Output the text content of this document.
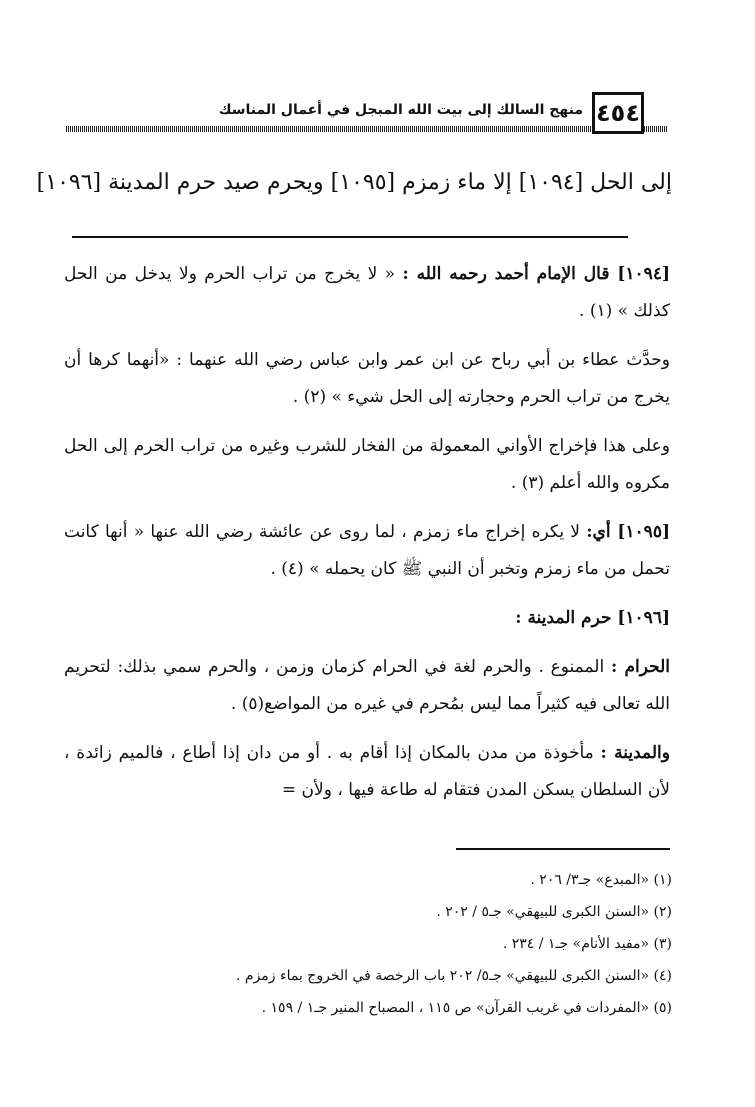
٤٥٤
منهج السالك إلى بيت الله المبجل في أعمال المناسك
إلى الحل [١٠٩٤] إلا ماء زمزم [١٠٩٥] ويحرم صيد حرم المدينة [١٠٩٦]

[١٠٩٤] قال الإمام أحمد رحمه الله : « لا يخرج من تراب الحرم ولا يدخل من الحل كذلك » (١) .

وحدَّث عطاء بن أبي رباح عن ابن عمر وابن عباس رضي الله عنهما : «أنهما كرها أن يخرج من تراب الحرم وحجارته إلى الحل شيء » (٢) .

وعلى هذا فإخراج الأواني المعمولة من الفخار للشرب وغيره من تراب الحرم إلى الحل مكروه والله أعلم (٣) .

[١٠٩٥] أي: لا يكره إخراج ماء زمزم ، لما روى عن عائشة رضي الله عنها « أنها كانت تحمل من ماء زمزم وتخبر أن النبي ﷺ كان يحمله » (٤) .

[١٠٩٦] حرم المدينة :

الحرام : الممنوع . والحرم لغة في الحرام كزمان وزمن ، والحرم سمي بذلك: لتحريم الله تعالى فيه كثيراً مما ليس بمُحرم في غيره من المواضع(٥) .

والمدينة : مأخوذة من مدن بالمكان إذا أقام به . أو من دان إذا أطاع ، فالميم زائدة ، لأن السلطان يسكن المدن فتقام له طاعة فيها ، ولأن =

(١) «المبدع» جـ٣/ ٢٠٦ .
(٢) «السنن الكبرى للبيهقي» جـ٥ / ٢٠٢ .
(٣) «مفيد الأنام» جـ١ / ٢٣٤ .
(٤) «السنن الكبرى للبيهقي» جـ٥/ ٢٠٢ باب الرخصة في الخروج بماء زمزم .
(٥) «المفردات في غريب القرآن» ص ١١٥ ، المصباح المنير جـ١ / ١٥٩ .
